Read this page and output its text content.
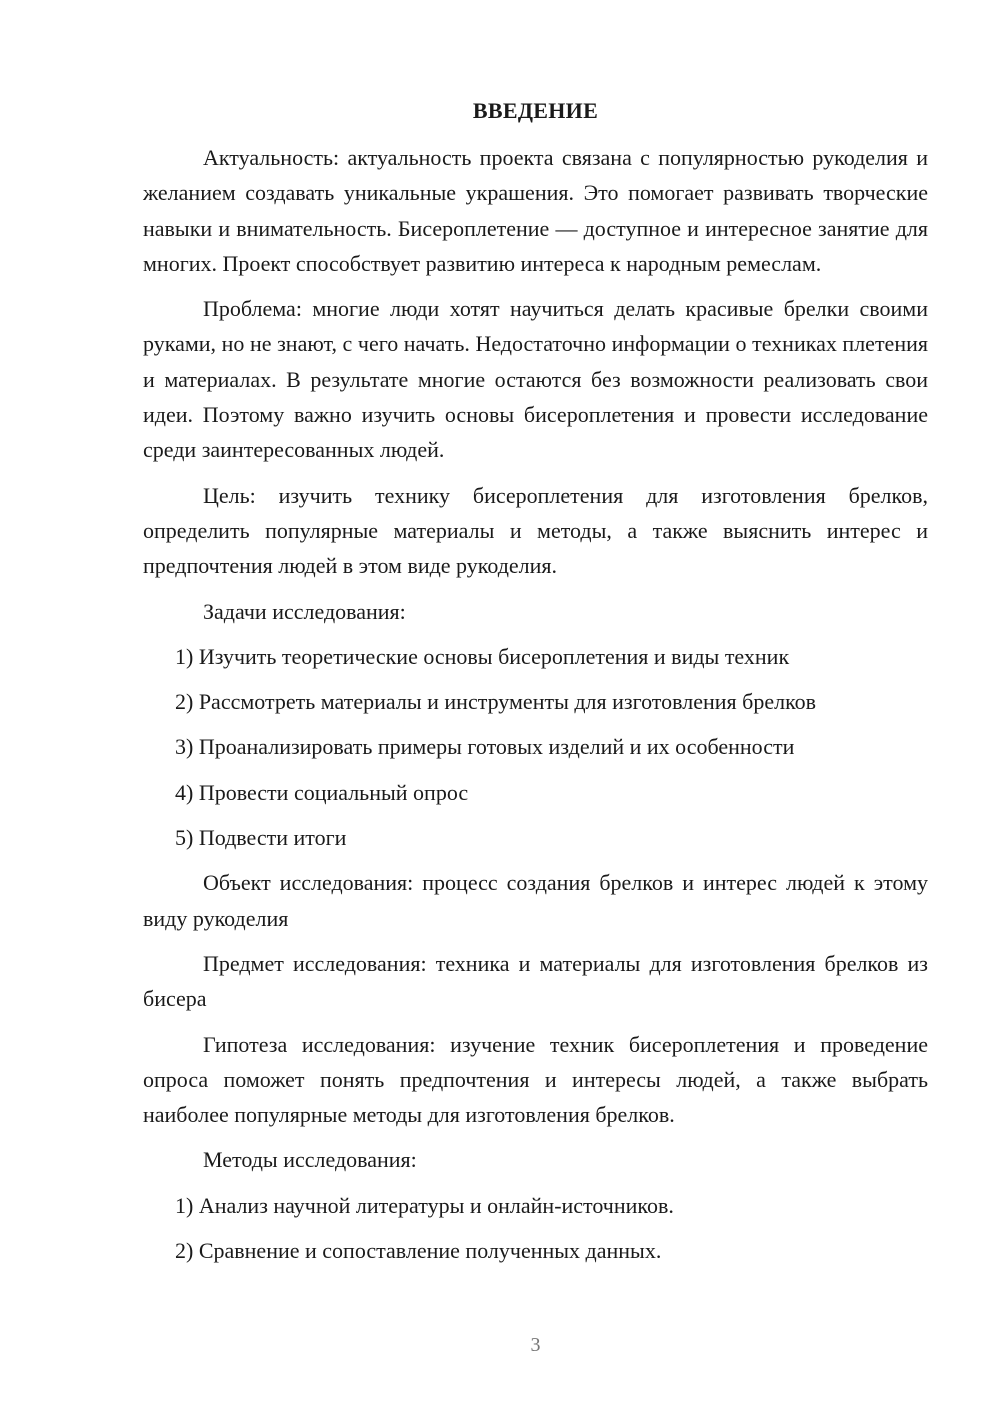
ВВЕДЕНИЕ

Актуальность: актуальность проекта связана с популярностью рукоделия и желанием создавать уникальные украшения. Это помогает развивать творческие навыки и внимательность. Бисероплетение — доступное и интересное занятие для многих. Проект способствует развитию интереса к народным ремеслам.

Проблема: многие люди хотят научиться делать красивые брелки своими руками, но не знают, с чего начать. Недостаточно информации о техниках плетения и материалах. В результате многие остаются без возможности реализовать свои идеи. Поэтому важно изучить основы бисероплетения и провести исследование среди заинтересованных людей.

Цель: изучить технику бисероплетения для изготовления брелков, определить популярные материалы и методы, а также выяснить интерес и предпочтения людей в этом виде рукоделия.

Задачи исследования:

1) Изучить теоретические основы бисероплетения и виды техник
2) Рассмотреть материалы и инструменты для изготовления брелков
3) Проанализировать примеры готовых изделий и их особенности
4) Провести социальный опрос
5) Подвести итоги

Объект исследования: процесс создания брелков и интерес людей к этому виду рукоделия

Предмет исследования: техника и материалы для изготовления брелков из бисера

Гипотеза исследования: изучение техник бисероплетения и проведение опроса поможет понять предпочтения и интересы людей, а также выбрать наиболее популярные методы для изготовления брелков.

Методы исследования:

1) Анализ научной литературы и онлайн-источников.
2) Сравнение и сопоставление полученных данных.
3
